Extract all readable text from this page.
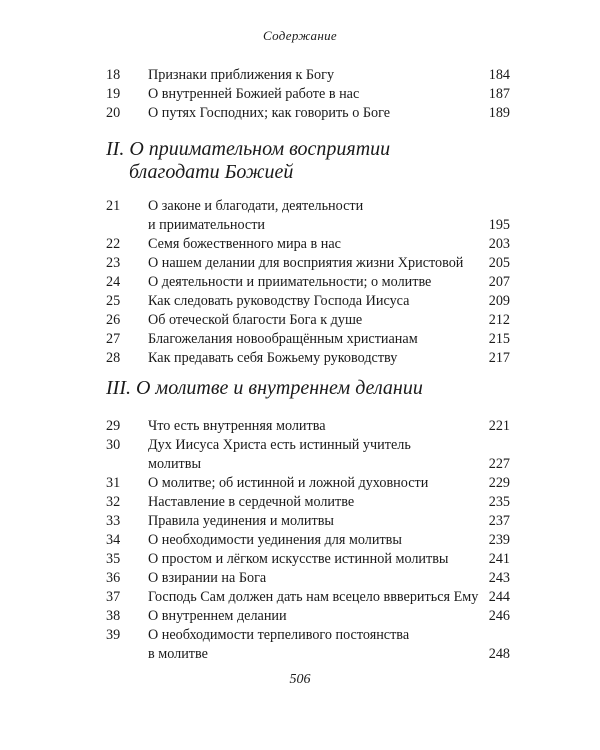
Содержание
18	Признаки приближения к Богу	184
19	О внутренней Божией работе в нас	187
20	О путях Господних; как говорить о Боге	189
II. О приимательном восприятии
благодати Божией
21	О законе и благодати, деятельности
и приимательности	195
22	Семя божественного мира в нас	203
23	О нашем делании для восприятия жизни Христовой	205
24	О деятельности и приимательности; о молитве	207
25	Как следовать руководству Господа Иисуса	209
26	Об отеческой благости Бога к душе	212
27	Благожелания новообращённым христианам	215
28	Как предавать себя Божьему руководству	217
III. О молитве и внутреннем делании
29	Что есть внутренняя молитва	221
30	Дух Иисуса Христа есть истинный учитель
молитвы	227
31	О молитве; об истинной и ложной духовности	229
32	Наставление в сердечной молитве	235
33	Правила уединения и молитвы	237
34	О необходимости уединения для молитвы	239
35	О простом и лёгком искусстве истинной молитвы	241
36	О взирании на Бога	243
37	Господь Сам должен дать нам всецело вввериться Ему 244
38	О внутреннем делании	246
39	О необходимости терпеливого постоянства
в молитве	248
506
